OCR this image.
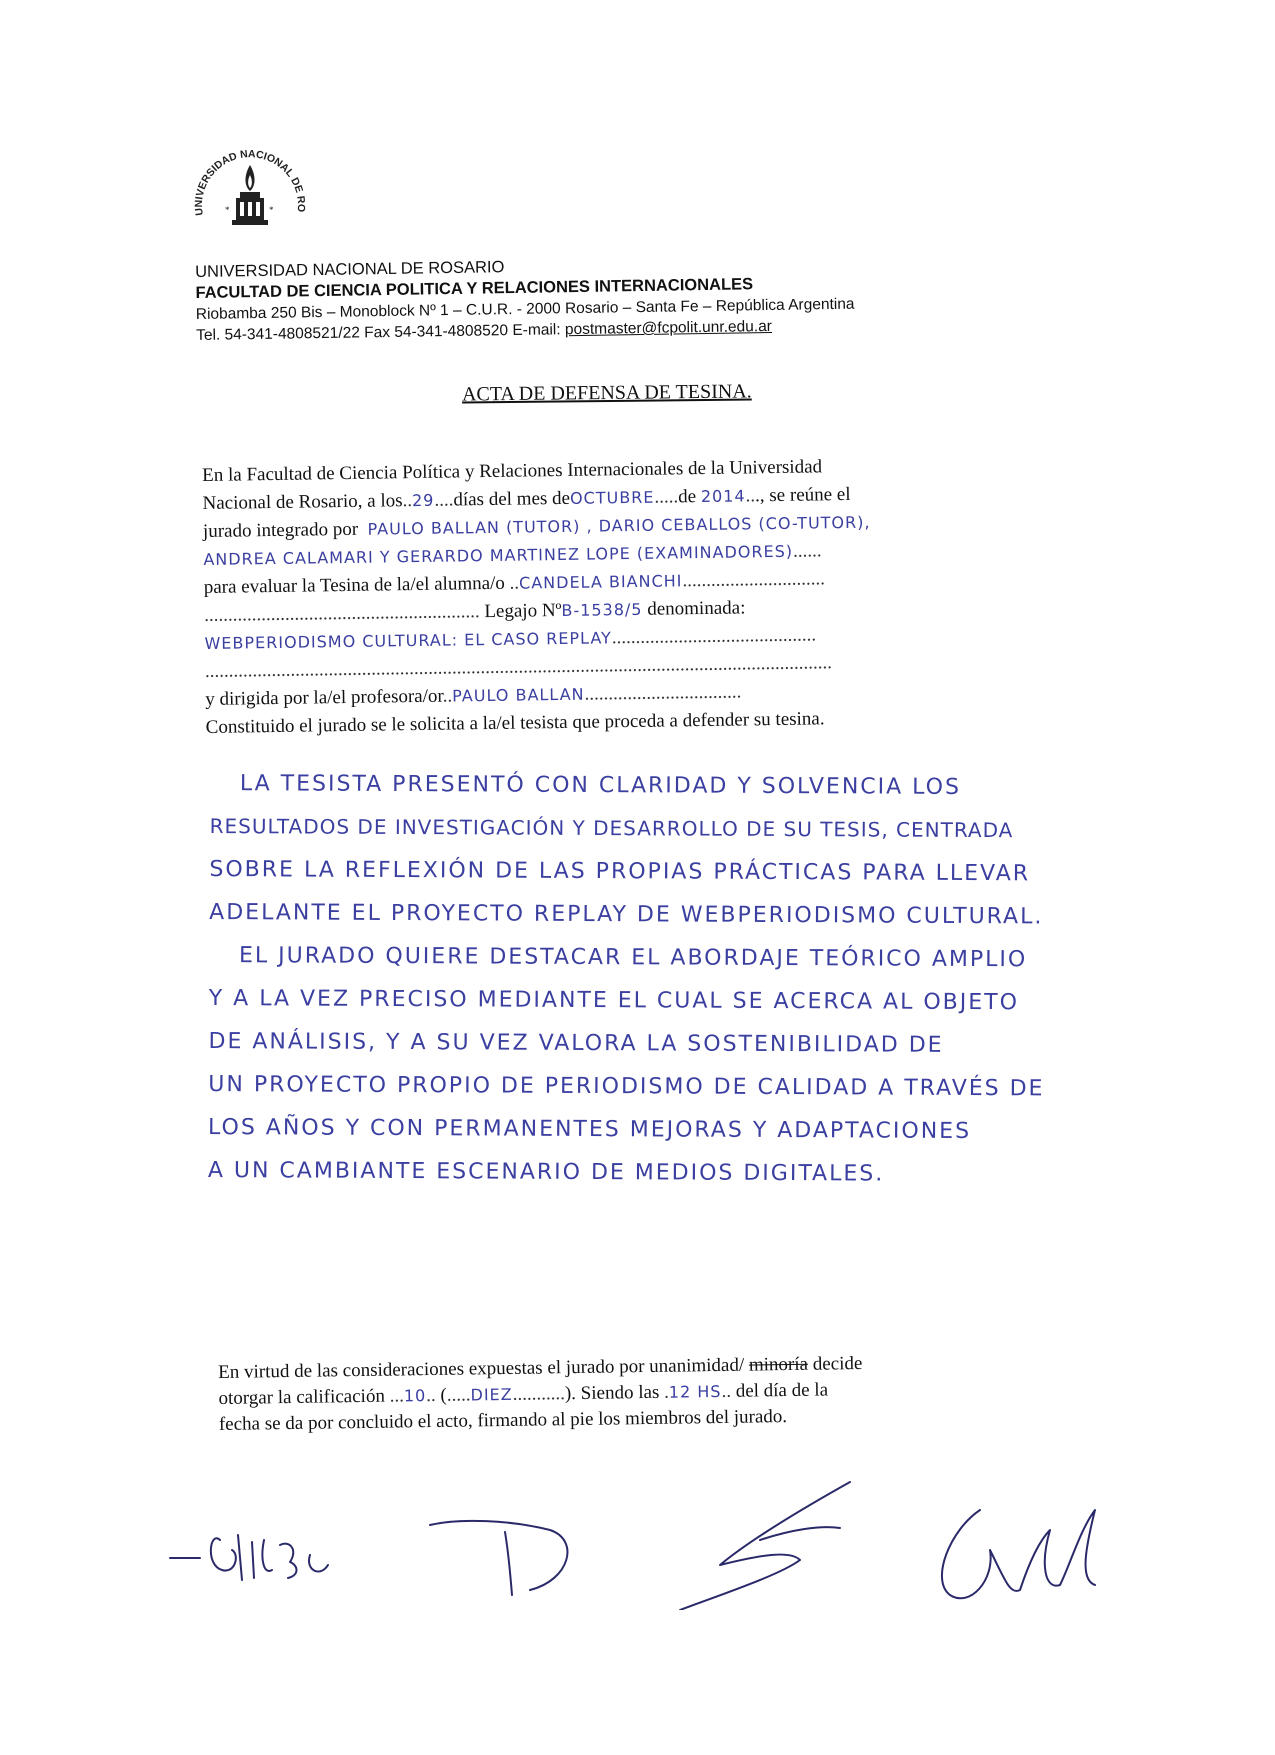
UNIVERSIDAD NACIONAL DE RO
*	*
UNIVERSIDAD NACIONAL DE ROSARIO
FACULTAD DE CIENCIA POLITICA Y RELACIONES INTERNACIONALES
Riobamba 250 Bis – Monoblock Nº 1 – C.U.R. - 2000 Rosario – Santa Fe – República Argentina
Tel. 54-341-4808521/22 Fax 54-341-4808520 E-mail: postmaster@fcpolit.unr.edu.ar
ACTA DE DEFENSA DE TESINA.
En la Facultad de Ciencia Política y Relaciones Internacionales de la Universidad
Nacional de Rosario, a los..29....días del mes deOCTUBRE.....de 2014..., se reúne el
jurado integrado por PAULO BALLAN (TUTOR) , DARIO CEBALLOS (CO-TUTOR),
ANDREA CALAMARI Y GERARDO MARTINEZ LOPE (EXAMINADORES)......
para evaluar la Tesina de la/el alumna/o ..CANDELA BIANCHI..............................
.......................................................... Legajo NºB-1538/5 denominada:
WEBPERIODISMO CULTURAL: EL CASO REPLAY...........................................
....................................................................................................................................
y dirigida por la/el profesora/or..PAULO BALLAN.................................
Constituido el jurado se le solicita a la/el tesista que proceda a defender su tesina.
LA TESISTA PRESENTÓ CON CLARIDAD Y SOLVENCIA LOS
RESULTADOS DE INVESTIGACIÓN Y DESARROLLO DE SU TESIS, CENTRADA
SOBRE LA REFLEXIÓN DE LAS PROPIAS PRÁCTICAS PARA LLEVAR
ADELANTE EL PROYECTO REPLAY DE WEBPERIODISMO CULTURAL.
EL JURADO QUIERE DESTACAR EL ABORDAJE TEÓRICO AMPLIO
Y A LA VEZ PRECISO MEDIANTE EL CUAL SE ACERCA AL OBJETO
DE ANÁLISIS, Y A SU VEZ VALORA LA SOSTENIBILIDAD DE
UN PROYECTO PROPIO DE PERIODISMO DE CALIDAD A TRAVÉS DE
LOS AÑOS Y CON PERMANENTES MEJORAS Y ADAPTACIONES
A UN CAMBIANTE ESCENARIO DE MEDIOS DIGITALES.
En virtud de las consideraciones expuestas el jurado por unanimidad/ minoría decide
otorgar la calificación ...10.. (.....DIEZ...........). Siendo las .12 HS.. del día de la
fecha se da por concluido el acto, firmando al pie los miembros del jurado.
